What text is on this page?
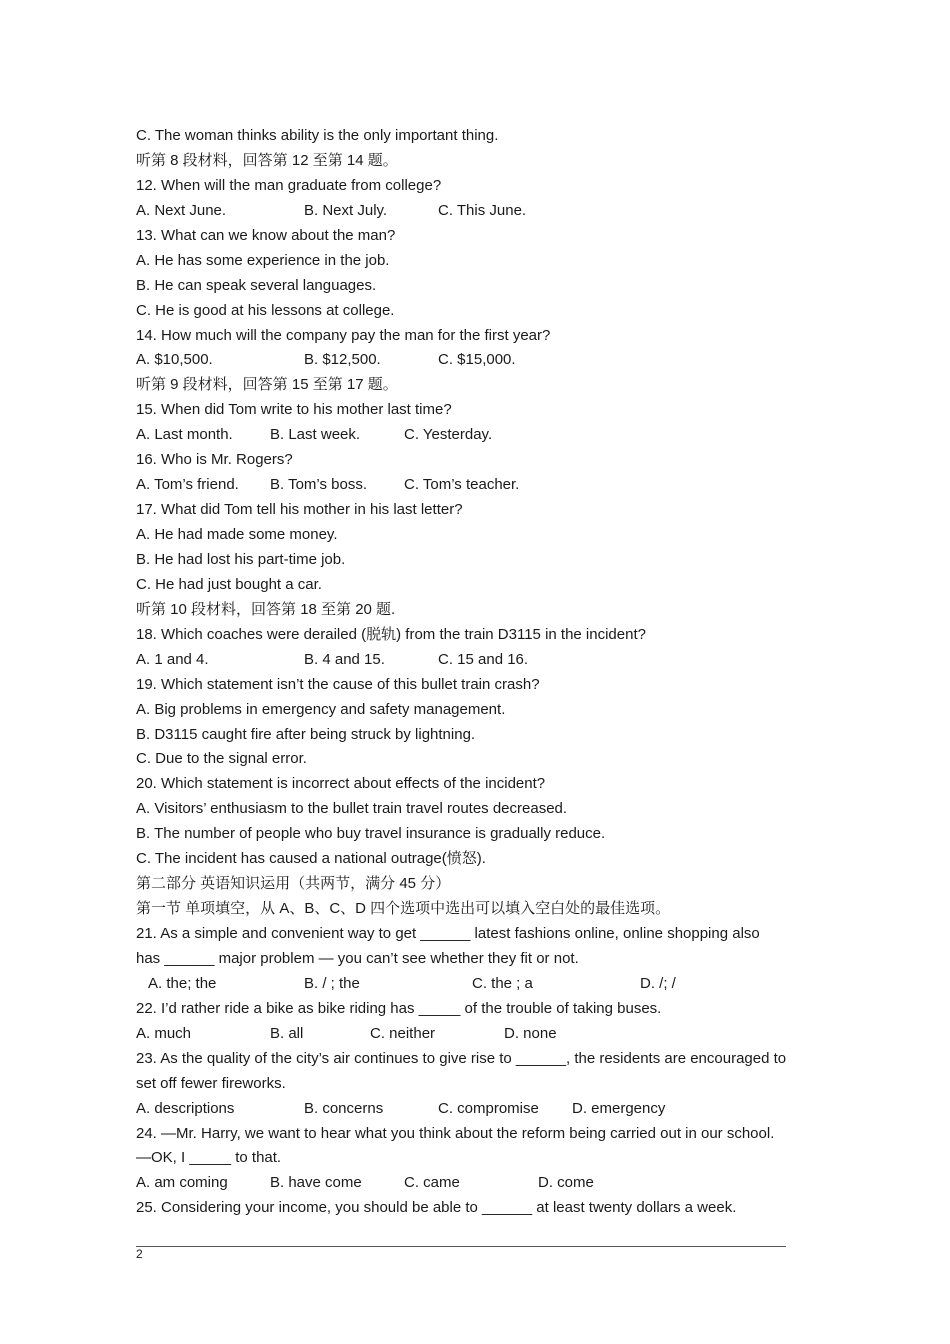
C. The woman thinks ability is the only important thing.
听第 8 段材料，回答第 12 至第 14 题。
12. When will the man graduate from college?
A. Next June.	B. Next July.	C. This June.
13. What can we know about the man?
A. He has some experience in the job.
B. He can speak several languages.
C. He is good at his lessons at college.
14. How much will the company pay the man for the first year?
A. $10,500.	B. $12,500.	C. $15,000.
听第 9 段材料，回答第 15 至第 17 题。
15. When did Tom write to his mother last time?
A. Last month.	B. Last week.	C. Yesterday.
16. Who is Mr. Rogers?
A. Tom’s friend.	B. Tom’s boss.	C. Tom’s teacher.
17. What did Tom tell his mother in his last letter?
A. He had made some money.
B. He had lost his part-time job.
C. He had just bought a car.
听第 10 段材料，回答第 18 至第 20 题.
18. Which coaches were derailed (脱轨) from the train D3115 in the incident?
A. 1 and 4.	B. 4 and 15.	C. 15 and 16.
19. Which statement isn’t the cause of this bullet train crash?
A. Big problems in emergency and safety management.
B. D3115 caught fire after being struck by lightning.
C. Due to the signal error.
20. Which statement is incorrect about effects of the incident?
A. Visitors’ enthusiasm to the bullet train travel routes decreased.
B. The number of people who buy travel insurance is gradually reduce.
C. The incident has caused a national outrage(愤怒).
第二部分 英语知识运用（共两节，满分 45 分）
第一节 单项填空，从 A、B、C、D 四个选项中选出可以填入空白处的最佳选项。
21. As a simple and convenient way to get ______ latest fashions online, online shopping also
has ______ major problem — you can’t see whether they fit or not.
A. the; the	B. / ; the	C. the ; a	D. /; /
22. I’d rather ride a bike as bike riding has _____ of the trouble of taking buses.
A. much	B. all	C. neither	D. none
23. As the quality of the city’s air continues to give rise to ______, the residents are encouraged to
set off fewer fireworks.
A. descriptions	B. concerns	C. compromise	D. emergency
24. —Mr. Harry, we want to hear what you think about the reform being carried out in our school.
—OK, I _____ to that.
A. am coming	B. have come	C. came	D. come
25. Considering your income, you should be able to ______ at least twenty dollars a week.
2
